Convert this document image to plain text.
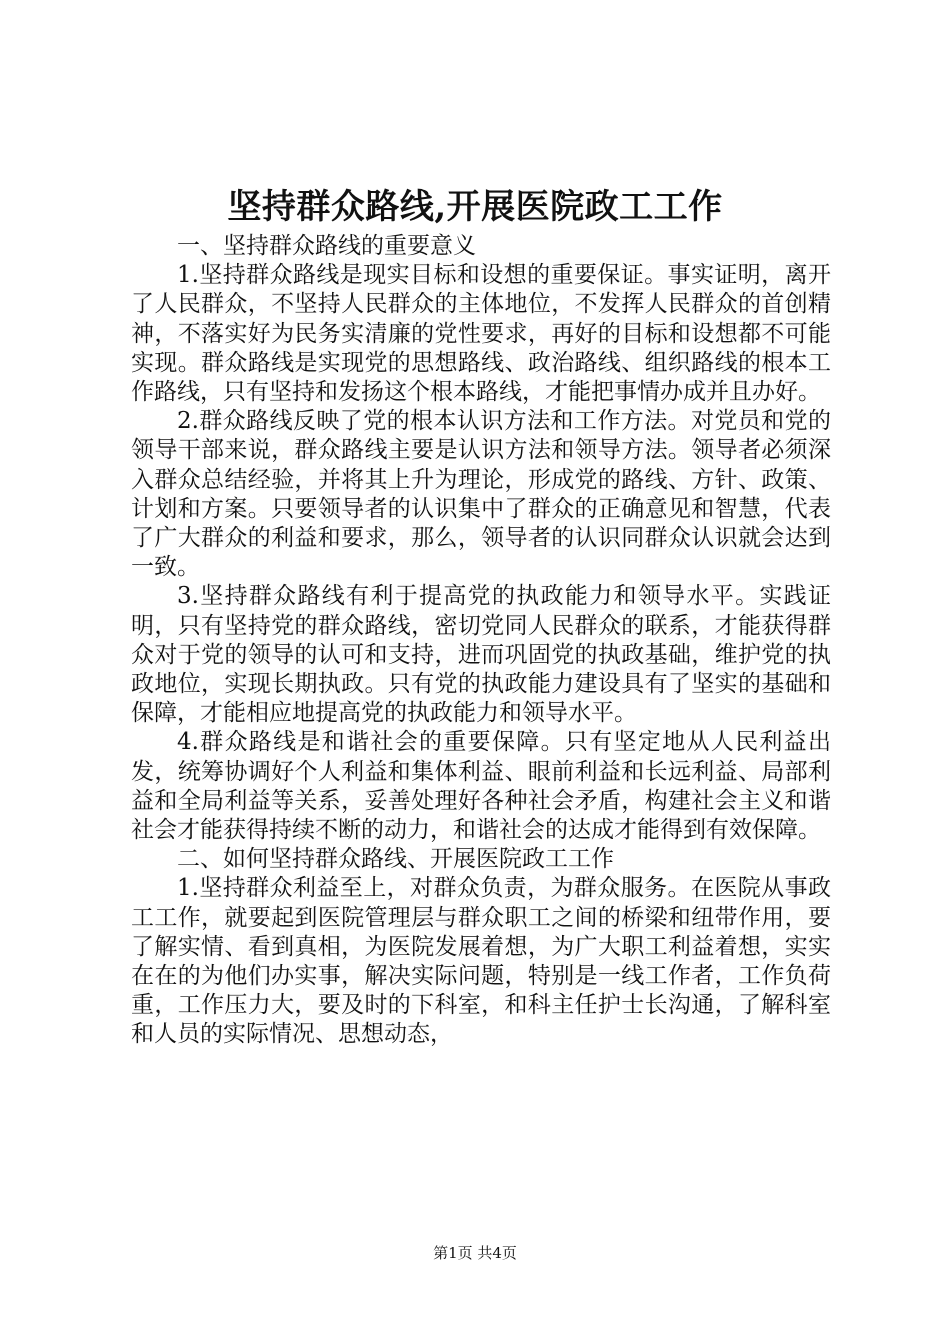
坚持群众路线,开展医院政工工作

一、坚持群众路线的重要意义

1.坚持群众路线是现实目标和设想的重要保证。事实证明，离开了人民群众，不坚持人民群众的主体地位，不发挥人民群众的首创精神，不落实好为民务实清廉的党性要求，再好的目标和设想都不可能实现。群众路线是实现党的思想路线、政治路线、组织路线的根本工作路线，只有坚持和发扬这个根本路线，才能把事情办成并且办好。

2.群众路线反映了党的根本认识方法和工作方法。对党员和党的领导干部来说，群众路线主要是认识方法和领导方法。领导者必须深入群众总结经验，并将其上升为理论，形成党的路线、方针、政策、计划和方案。只要领导者的认识集中了群众的正确意见和智慧，代表了广大群众的利益和要求，那么，领导者的认识同群众认识就会达到一致。

3.坚持群众路线有利于提高党的执政能力和领导水平。实践证明，只有坚持党的群众路线，密切党同人民群众的联系，才能获得群众对于党的领导的认可和支持，进而巩固党的执政基础，维护党的执政地位，实现长期执政。只有党的执政能力建设具有了坚实的基础和保障，才能相应地提高党的执政能力和领导水平。

4.群众路线是和谐社会的重要保障。只有坚定地从人民利益出发，统筹协调好个人利益和集体利益、眼前利益和长远利益、局部利益和全局利益等关系，妥善处理好各种社会矛盾，构建社会主义和谐社会才能获得持续不断的动力，和谐社会的达成才能得到有效保障。

二、如何坚持群众路线、开展医院政工工作

1.坚持群众利益至上，对群众负责，为群众服务。在医院从事政工工作，就要起到医院管理层与群众职工之间的桥梁和纽带作用，要了解实情、看到真相，为医院发展着想，为广大职工利益着想，实实在在的为他们办实事，解决实际问题，特别是一线工作者，工作负荷重，工作压力大，要及时的下科室，和科主任护士长沟通，了解科室和人员的实际情况、思想动态，

第1页 共4页
